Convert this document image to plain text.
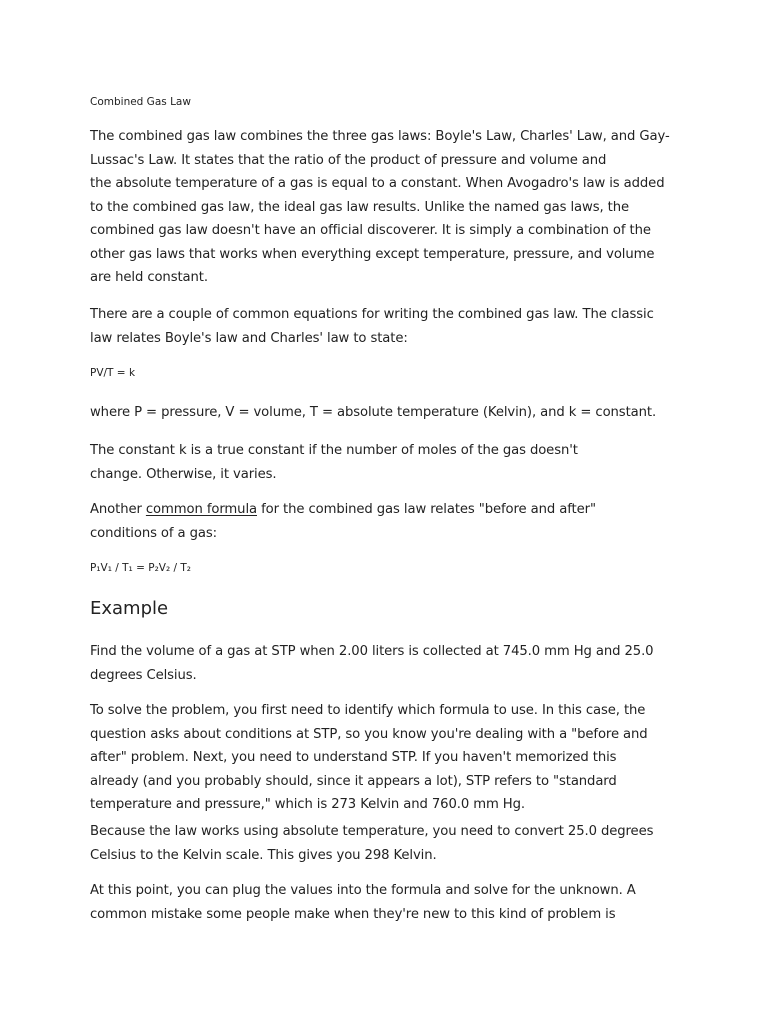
Combined Gas Law
The combined gas law combines the three gas laws: Boyle's Law, Charles' Law, and Gay-
Lussac's Law. It states that the ratio of the product of pressure and volume and
the absolute temperature of a gas is equal to a constant. When Avogadro's law is added
to the combined gas law, the ideal gas law results. Unlike the named gas laws, the
combined gas law doesn't have an official discoverer. It is simply a combination of the
other gas laws that works when everything except temperature, pressure, and volume
are held constant.
There are a couple of common equations for writing the combined gas law. The classic
law relates Boyle's law and Charles' law to state:
PV/T = k
where P = pressure, V = volume, T = absolute temperature (Kelvin), and k = constant.
The constant k is a true constant if the number of moles of the gas doesn't
change. Otherwise, it varies.
Another common formula for the combined gas law relates "before and after"
conditions of a gas:
P₁V₁ / T₁ = P₂V₂ / T₂
Example
Find the volume of a gas at STP when 2.00 liters is collected at 745.0 mm Hg and 25.0
degrees Celsius.
To solve the problem, you first need to identify which formula to use. In this case, the
question asks about conditions at STP, so you know you're dealing with a "before and
after" problem. Next, you need to understand STP. If you haven't memorized this
already (and you probably should, since it appears a lot), STP refers to "standard
temperature and pressure," which is 273 Kelvin and 760.0 mm Hg.
Because the law works using absolute temperature, you need to convert 25.0 degrees
Celsius to the Kelvin scale. This gives you 298 Kelvin.
At this point, you can plug the values into the formula and solve for the unknown. A
common mistake some people make when they're new to this kind of problem is
